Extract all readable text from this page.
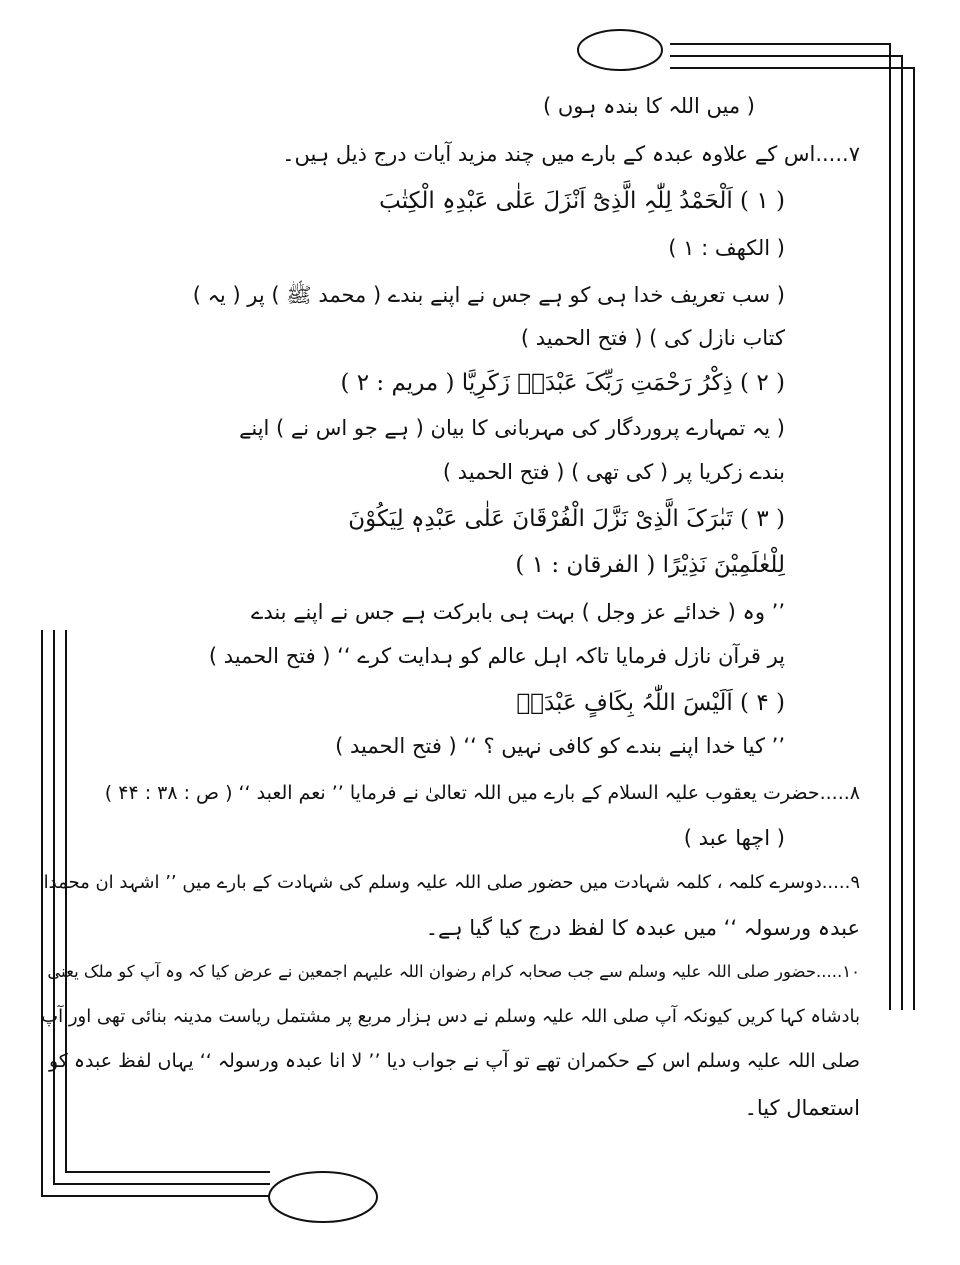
( میں اللہ کا بندہ ہوں )
۷.....اس کے علاوہ عبدہ کے بارے میں چند مزید آیات درج ذیل ہیں۔
( ۱ ) اَلْحَمْدُ لِلّٰہِ الَّذِیْٓ اَنْزَلَ عَلٰی عَبْدِہِ الْکِتٰبَ
( الکھف : ۱ )
( سب تعریف خدا ہی کو ہے جس نے اپنے بندے ( محمد ﷺ ) پر ( یہ )
کتاب نازل کی ) ( فتح الحمید )
( ۲ ) ذِکْرُ رَحْمَتِ رَبِّکَ عَبْدَہٗ زَکَرِیَّا ( مریم : ۲ )
( یہ تمہارے پروردگار کی مہربانی کا بیان ( ہے جو اس نے ) اپنے
بندے زکریا پر ( کی تھی ) ( فتح الحمید )
( ۳ ) تَبٰرَکَ الَّذِیْ نَزَّلَ الْفُرْقَانَ عَلٰی عَبْدِہٖ لِیَکُوْنَ
لِلْعٰلَمِیْنَ نَذِیْرًا ( الفرقان : ۱ )
’’ وہ ( خدائے عز وجل ) بہت ہی بابرکت ہے جس نے اپنے بندے
پر قرآن نازل فرمایا تاکہ اہل عالم کو ہدایت کرے ‘‘ ( فتح الحمید )
( ۴ ) اَلَیْسَ اللّٰہُ بِکَافٍ عَبْدَہٗ
’’ کیا خدا اپنے بندے کو کافی نہیں ؟ ‘‘ ( فتح الحمید )
۸.....حضرت یعقوب علیہ السلام کے بارے میں اللہ تعالیٰ نے فرمایا ’’ نعم العبد ‘‘ ( ص : ۳۸ : ۴۴ )
( اچھا عبد )
۹.....دوسرے کلمہ ، کلمہ شہادت میں حضور صلی اللہ علیہ وسلم کی شہادت کے بارے میں ’’ اشہد ان محمدا
عبدہ ورسولہ ‘‘ میں عبدہ کا لفظ درج کیا گیا ہے۔
۱۰.....حضور صلی اللہ علیہ وسلم سے جب صحابہ کرام رضوان اللہ علیہم اجمعین نے عرض کیا کہ وہ آپ کو ملک یعنی
بادشاہ کہا کریں کیونکہ آپ صلی اللہ علیہ وسلم نے دس ہزار مربع پر مشتمل ریاست مدینہ بنائی تھی اور آپ
صلی اللہ علیہ وسلم اس کے حکمران تھے تو آپ نے جواب دیا ’’ لا انا عبدہ ورسولہ ‘‘ یہاں لفظ عبدہ کو
استعمال کیا۔
